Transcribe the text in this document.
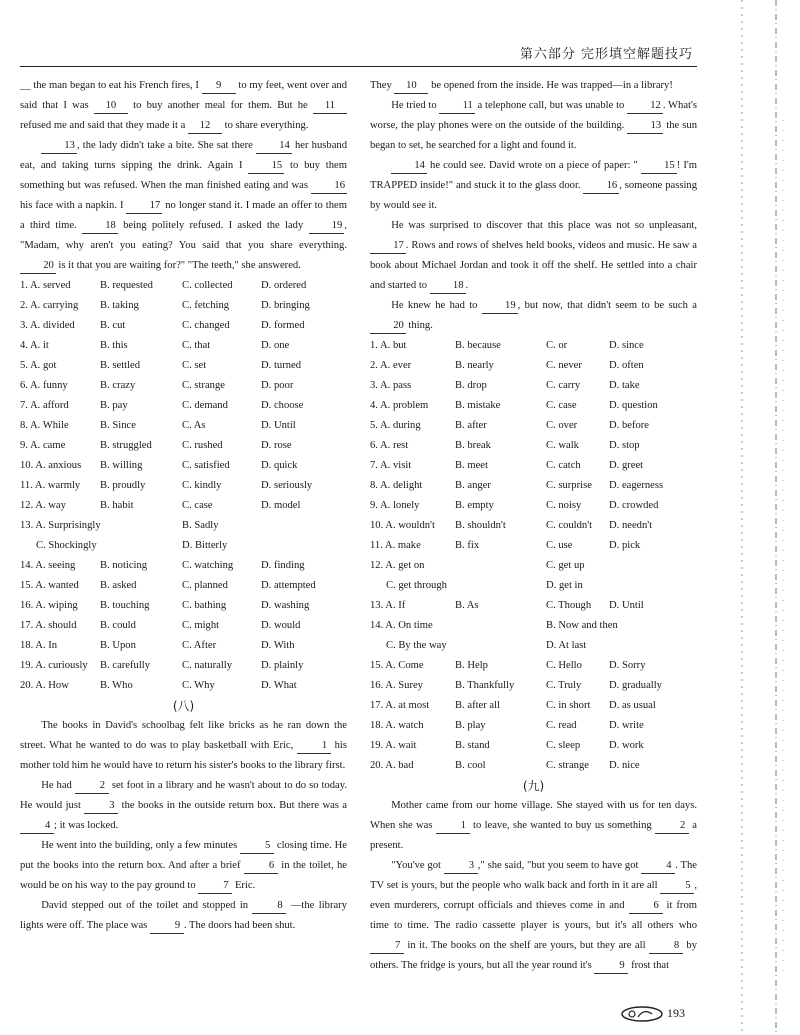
第六部分 完形填空解题技巧

__ the man began to eat his French fires, I 9 to my feet, went over and said that I was 10 to buy another meal for them. But he 11 refused me and said that they made it a 12 to share everything.

13 , the lady didn't take a bite. She sat there 14 her husband eat, and taking turns sipping the drink. Again I 15 to buy them something but was refused. When the man finished eating and was 16 his face with a napkin. I 17 no longer stand it. I made an offer to them a third time. 18 being politely refused. I asked the lady 19 , "Madam, why aren't you eating? You said that you share everything. 20 is it that you are waiting for?" "The teeth," she answered.

1. A. served	B. requested	C. collected	D. ordered
2. A. carrying	B. taking	C. fetching	D. bringing
3. A. divided	B. cut	C. changed	D. formed
4. A. it	B. this	C. that	D. one
5. A. got	B. settled	C. set	D. turned
6. A. funny	B. crazy	C. strange	D. poor
7. A. afford	B. pay	C. demand	D. choose
8. A. While	B. Since	C. As	D. Until
9. A. came	B. struggled	C. rushed	D. rose
10. A. anxious	B. willing	C. satisfied	D. quick
11. A. warmly	B. proudly	C. kindly	D. seriously
12. A. way	B. habit	C. case	D. model
13. A. Surprisingly	B. Sadly
C. Shockingly	D. Bitterly
14. A. seeing	B. noticing	C. watching	D. finding
15. A. wanted	B. asked	C. planned	D. attempted
16. A. wiping	B. touching	C. bathing	D. washing
17. A. should	B. could	C. might	D. would
18. A. In	B. Upon	C. After	D. With
19. A. curiously	B. carefully	C. naturally	D. plainly
20. A. How	B. Who	C. Why	D. What
(八)

The books in David's schoolbag felt like bricks as he ran down the street. What he wanted to do was to play basketball with Eric, 1 his mother told him he would have to return his sister's books to the library first.

He had 2 set foot in a library and he wasn't about to do so today. He would just 3 the books in the outside return box. But there was a 4 ; it was locked.

He went into the building, only a few minutes 5 closing time. He put the books into the return box. And after a brief 6 in the toilet, he would be on his way to the pay ground to 7 Eric.

David stepped out of the toilet and stopped in 8 —the library lights were off. The place was 9 . The doors had been shut.

They 10 be opened from the inside. He was trapped—in a library!

He tried to 11 a telephone call, but was unable to 12 . What's worse, the play phones were on the outside of the building. 13 the sun began to set, he searched for a light and found it.

14 he could see. David wrote on a piece of paper: " 15 ! I'm TRAPPED inside!" and stuck it to the glass door. 16 , someone passing by would see it.

He was surprised to discover that this place was not so unpleasant, 17 . Rows and rows of shelves held books, videos and music. He saw a book about Michael Jordan and took it off the shelf. He settled into a chair and started to 18 .

He knew he had to 19 , but now, that didn't seem to be such a 20 thing.

1. A. but	B. because	C. or	D. since
2. A. ever	B. nearly	C. never	D. often
3. A. pass	B. drop	C. carry	D. take
4. A. problem	B. mistake	C. case	D. question
5. A. during	B. after	C. over	D. before
6. A. rest	B. break	C. walk	D. stop
7. A. visit	B. meet	C. catch	D. greet
8. A. delight	B. anger	C. surprise	D. eagerness
9. A. lonely	B. empty	C. noisy	D. crowded
10. A. wouldn't	B. shouldn't	C. couldn't	D. needn't
11. A. make	B. fix	C. use	D. pick
12. A. get on	C. get up
C. get through	D. get in
13. A. If	B. As	C. Though	D. Until
14. A. On time	B. Now and then
C. By the way	D. At last
15. A. Come	B. Help	C. Hello	D. Sorry
16. A. Surey	B. Thankfully	C. Truly	D. gradually
17. A. at most	B. after all	C. in short	D. as usual
18. A. watch	B. play	C. read	D. write
19. A. wait	B. stand	C. sleep	D. work
20. A. bad	B. cool	C. strange	D. nice
(九)

Mother came from our home village. She stayed with us for ten days. When she was 1 to leave, she wanted to buy us something 2 a present.

"You've got 3 ," she said, "but you seem to have got 4 . The TV set is yours, but the people who walk back and forth in it are all 5 , even murderers, corrupt officials and thieves come in and 6 it from time to time. The radio cassette player is yours, but it's all others who 7 in it. The books on the shelf are yours, but they are all 8 by others. The fridge is yours, but all the year round it's 9 frost that

193
